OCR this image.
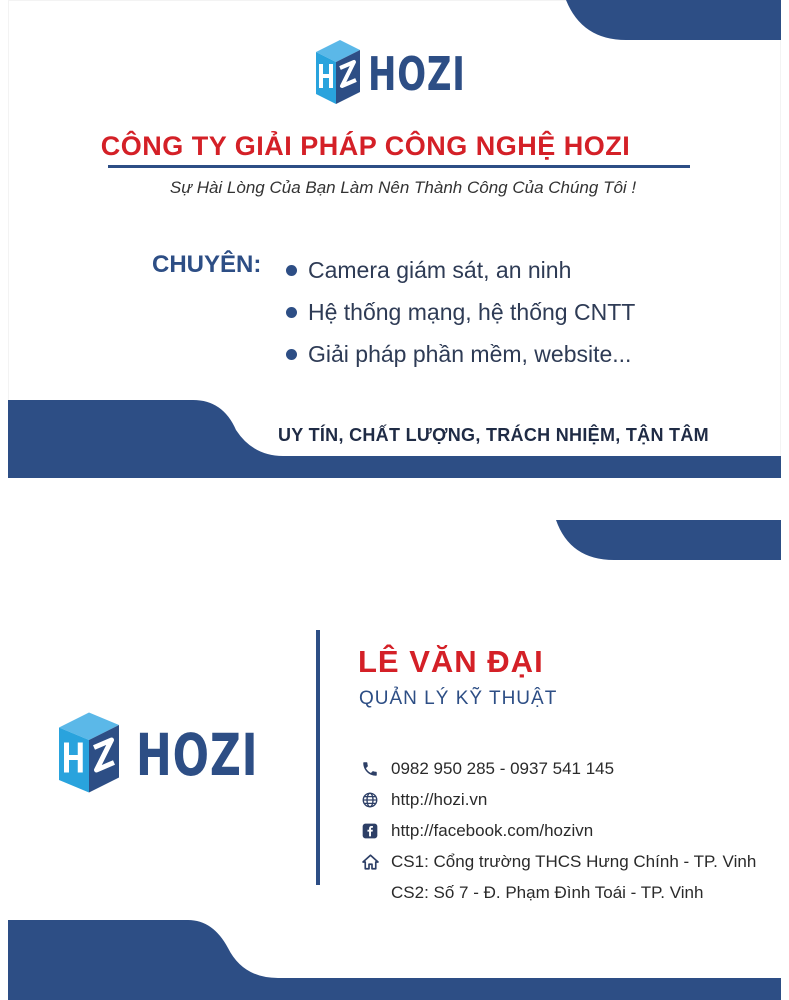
HOZI
CÔNG TY GIẢI PHÁP CÔNG NGHỆ HOZI
Sự Hài Lòng Của Bạn Làm Nên Thành Công Của Chúng Tôi !
CHUYÊN: Camera giám sát, an ninh
Hệ thống mạng, hệ thống CNTT
Giải pháp phần mềm, website...
UY TÍN, CHẤT LƯỢNG, TRÁCH NHIỆM, TẬN TÂM
HOZI
LÊ VĂN ĐẠI
QUẢN LÝ KỸ THUẬT
0982 950 285 - 0937 541 145
http://hozi.vn
http://facebook.com/hozivn
CS1: Cổng trường THCS Hưng Chính - TP. Vinh
CS2: Số 7 - Đ. Phạm Đình Toái - TP. Vinh
